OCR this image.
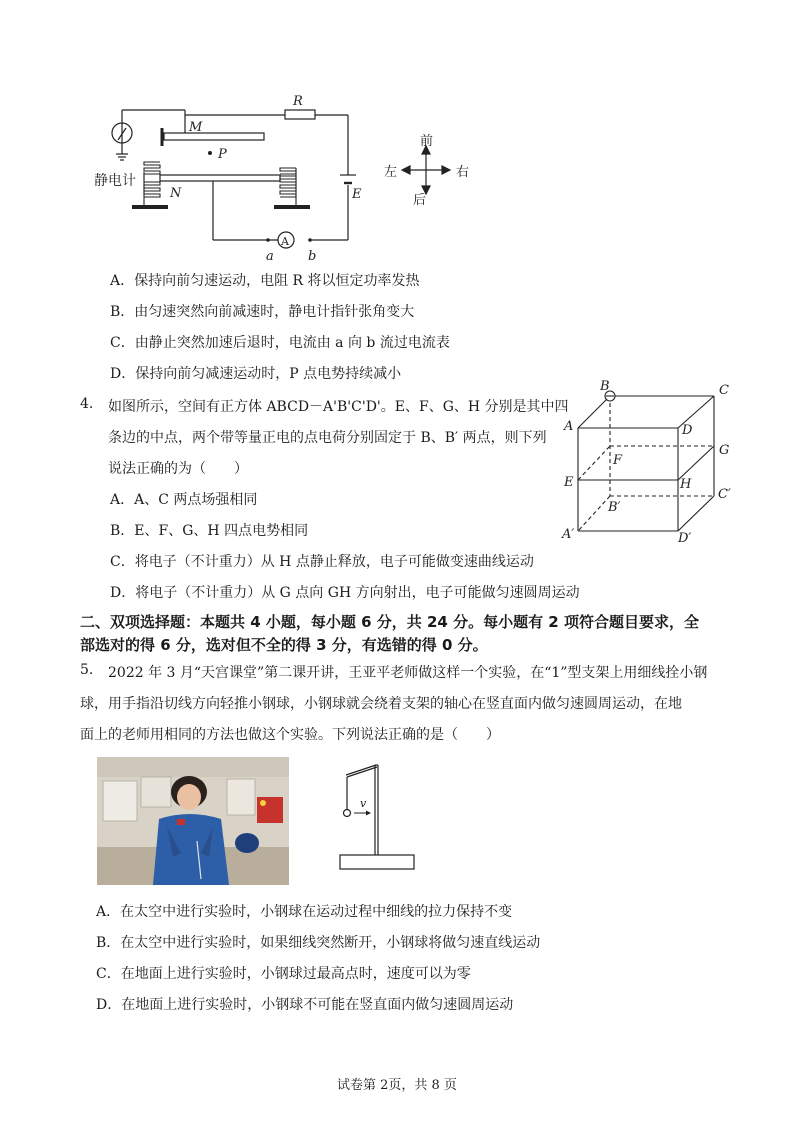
静电计
R
E
M
P
N
A
a	b
前
后
左	右
A．保持向前匀速运动，电阻 R 将以恒定功率发热
B．由匀速突然向前减速时，静电计指针张角变大
C．由静止突然加速后退时，电流由 a 向 b 流过电流表
D．保持向前匀减速运动时，P 点电势持续减小
4. 如图所示，空间有正方体 ABCD－A'B'C'D'。E、F、G、H 分别是其中四
条边的中点，两个带等量正电的点电荷分别固定于 B、B′ 两点，则下列
说法正确的为（　　）
A．A、C 两点场强相同
B．E、F、G、H 四点电势相同
C．将电子（不计重力）从 H 点静止释放，电子可能做变速曲线运动
D．将电子（不计重力）从 G 点向 GH 方向射出，电子可能做匀速圆周运动
B	C
A	D
G
F
E	H
C′
B′
A′	D′
二、双项选择题：本题共 4 小题，每小题 6 分，共 24 分。每小题有 2 项符合题目要求，全
部选对的得 6 分，选对但不全的得 3 分，有选错的得 0 分。
5. 2022 年 3 月“天宫课堂”第二课开讲，王亚平老师做这样一个实验，在“1”型支架上用细线拴小钢
球，用手指沿切线方向轻推小钢球，小钢球就会绕着支架的轴心在竖直面内做匀速圆周运动，在地
面上的老师用相同的方法也做这个实验。下列说法正确的是（　　）
v
A．在太空中进行实验时，小钢球在运动过程中细线的拉力保持不变
B．在太空中进行实验时，如果细线突然断开，小钢球将做匀速直线运动
C．在地面上进行实验时，小钢球过最高点时，速度可以为零
D．在地面上进行实验时，小钢球不可能在竖直面内做匀速圆周运动
试卷第 2页，共 8 页
